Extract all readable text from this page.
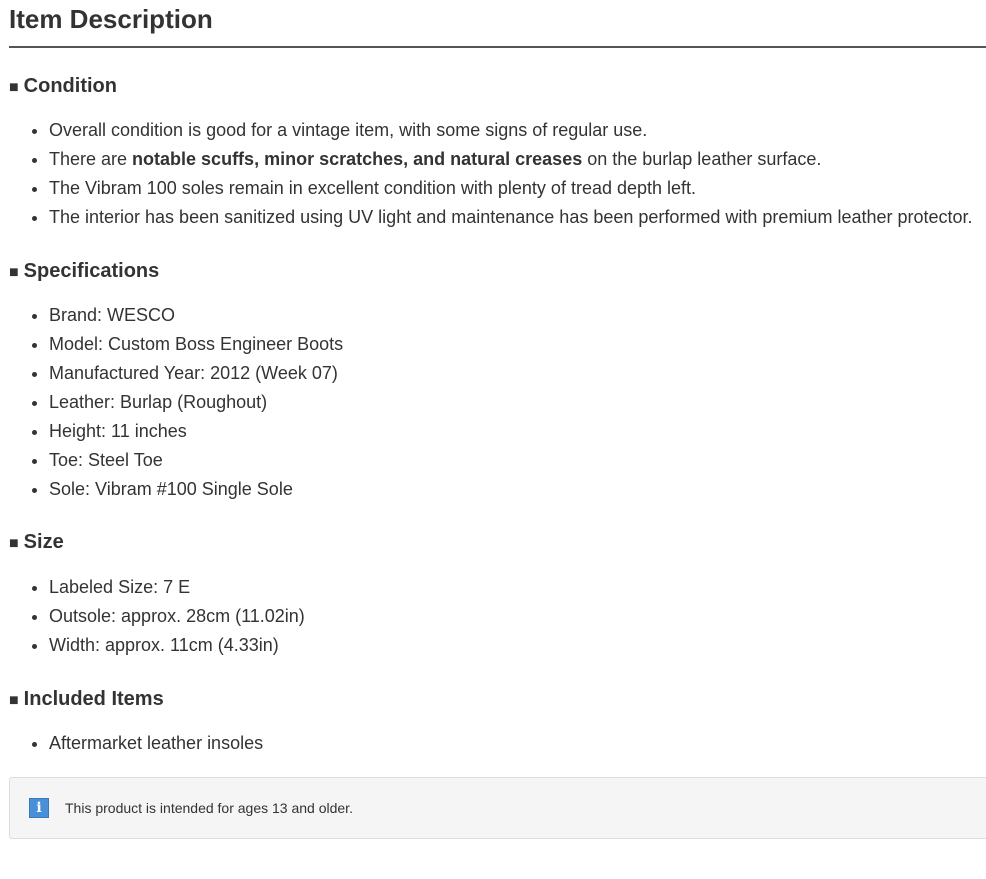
Item Description
■ Condition
• Overall condition is good for a vintage item, with some signs of regular use.
• There are notable scuffs, minor scratches, and natural creases on the burlap leather surface.
• The Vibram 100 soles remain in excellent condition with plenty of tread depth left.
• The interior has been sanitized using UV light and maintenance has been performed with premium leather protector.
■ Specifications
• Brand: WESCO
• Model: Custom Boss Engineer Boots
• Manufactured Year: 2012 (Week 07)
• Leather: Burlap (Roughout)
• Height: 11 inches
• Toe: Steel Toe
• Sole: Vibram #100 Single Sole
■ Size
• Labeled Size: 7 E
• Outsole: approx. 28cm (11.02in)
• Width: approx. 11cm (4.33in)
■ Included Items
• Aftermarket leather insoles
i	This product is intended for ages 13 and older.
